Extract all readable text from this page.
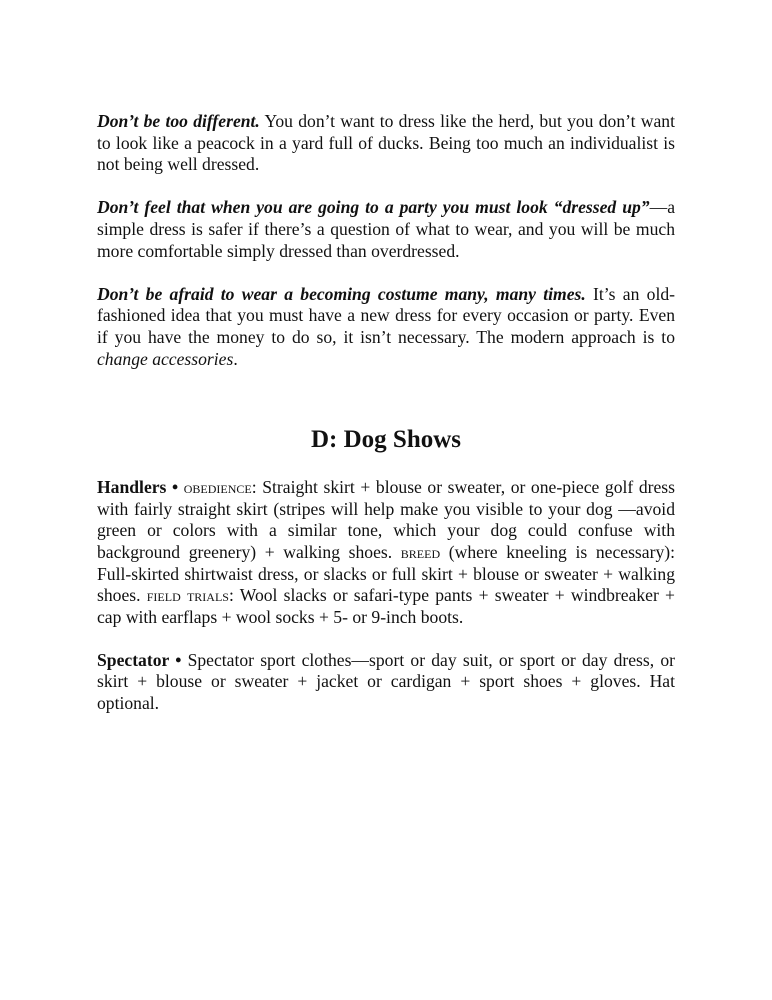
Don’t be too different. You don’t want to dress like the herd, but you don’t want to look like a peacock in a yard full of ducks. Being too much an individualist is not being well dressed.

Don’t feel that when you are going to a party you must look “dressed up”—a simple dress is safer if there’s a question of what to wear, and you will be much more comfortable simply dressed than overdressed.

Don’t be afraid to wear a becoming costume many, many times. It’s an old-fashioned idea that you must have a new dress for every occasion or party. Even if you have the money to do so, it isn’t necessary. The modern approach is to change accessories.

D: Dog Shows

Handlers • obedience: Straight skirt + blouse or sweater, or one-piece golf dress with fairly straight skirt (stripes will help make you visible to your dog —avoid green or colors with a similar tone, which your dog could confuse with background greenery) + walking shoes. breed (where kneeling is necessary): Full-skirted shirtwaist dress, or slacks or full skirt + blouse or sweater + walking shoes. field trials: Wool slacks or safari-type pants + sweater + windbreaker + cap with earflaps + wool socks + 5- or 9-inch boots.

Spectator • Spectator sport clothes—sport or day suit, or sport or day dress, or skirt + blouse or sweater + jacket or cardigan + sport shoes + gloves. Hat optional.
